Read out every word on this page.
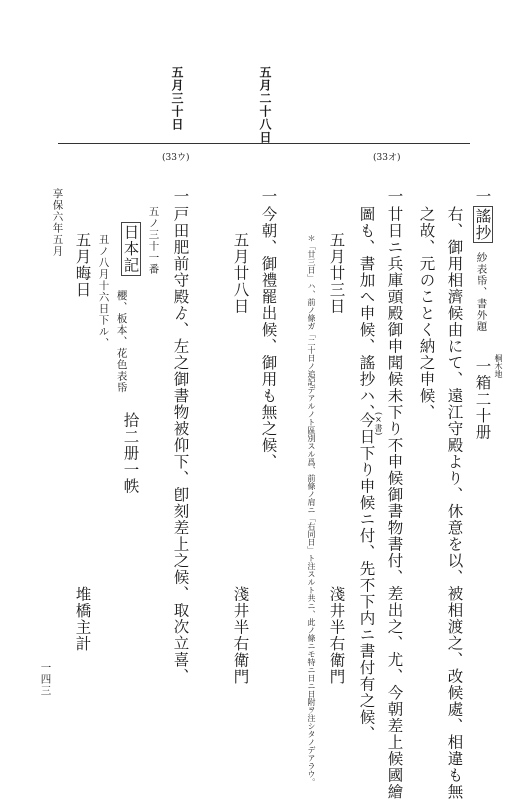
五月三十日	五月二十八日
(33ウ)	(33オ)
一
謠抄
紗表帋、書外題
桐木地
一箱二十册
右、御用相濟候由にて、遠江守殿より、休意を以、被相渡之、改候處、相違も無
之故、元のことく納之申候、
一
廿日ニ兵庫頭殿御申聞候未下り不申候御書物書付、差出之、尤、今朝差上候國繪
圖も、書加へ申候、謠抄ハ、
(×書)
今日下り申候ニ付、先不下内ニ書付有之候、
五月廿三日
淺井半右衛門
＊「廿三日」ハ、前ノ條ガ「二十日ノ追記デアルノト區別スル爲、前條ノ肩ニ「右同日」ト注スルト共ニ、此ノ條ニモ特ニ日ニ日附ヲ注シタノデアラウ。
一
今朝、御禮罷出候、御用も無之候、
五月廿八日
淺井半右衛門
一
戸田肥前守殿ゟ、左之御書物被仰下、卽刻差上之候、取次立喜、
五ノ三十一番
日本記
櫻、板本、花色表帋
拾二册一帙
丑ノ八月十六日下ル、
五月晦日
堆橋主計
享保六年五月
一四三
